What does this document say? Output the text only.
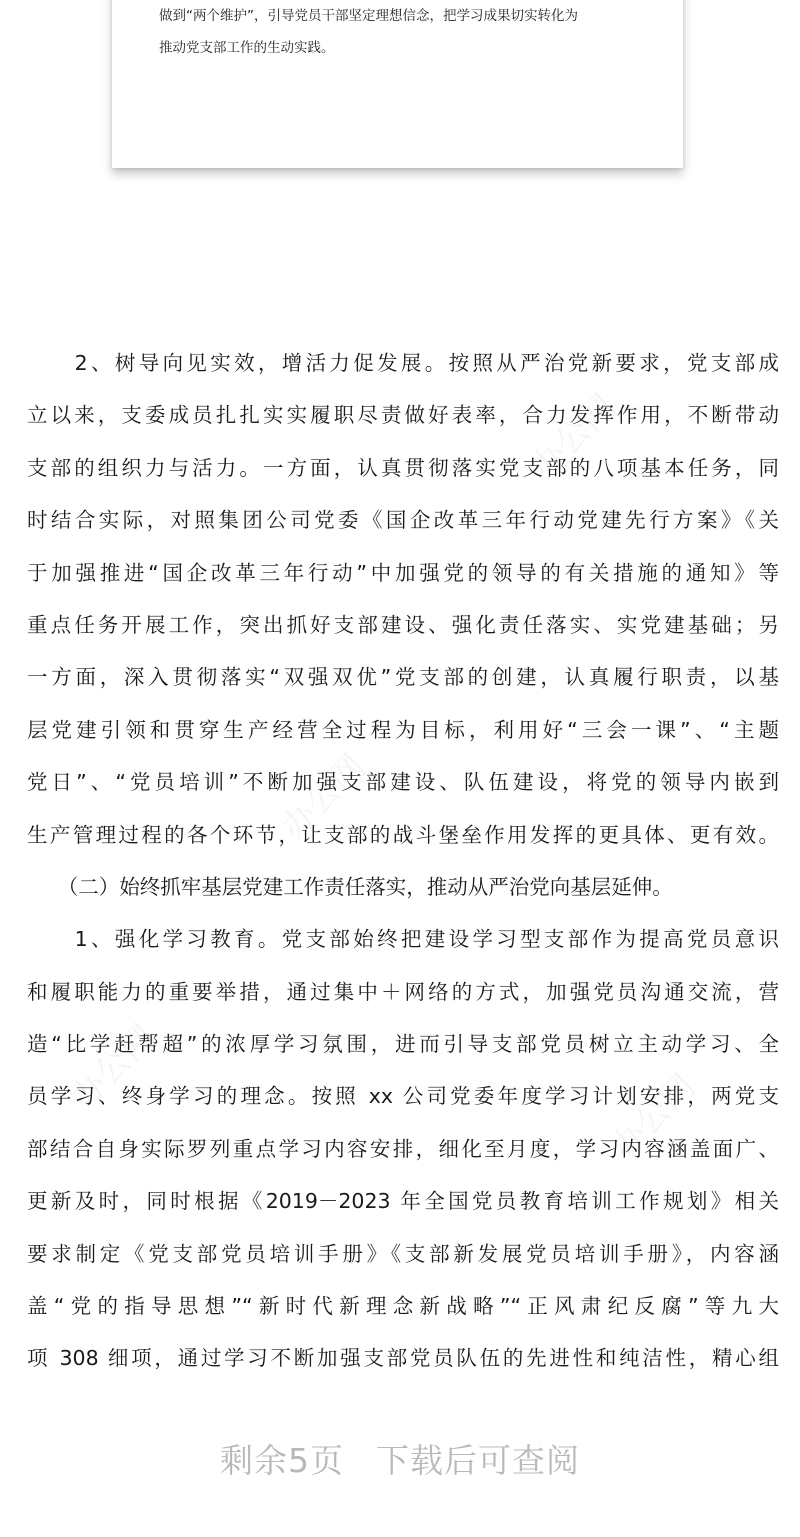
做到“两个维护”，引导党员干部坚定理想信念，把学习成果切实转化为
推动党支部工作的生动实践。
　　2、树导向见实效，增活力促发展。按照从严治党新要求，党支部成
立以来，支委成员扎扎实实履职尽责做好表率，合力发挥作用，不断带动
支部的组织力与活力。一方面，认真贯彻落实党支部的八项基本任务，同
时结合实际，对照集团公司党委《国企改革三年行动党建先行方案》《关
于加强推进“国企改革三年行动”中加强党的领导的有关措施的通知》等
重点任务开展工作，突出抓好支部建设、强化责任落实、实党建基础；另
一方面，深入贯彻落实“双强双优”党支部的创建，认真履行职责，以基
层党建引领和贯穿生产经营全过程为目标，利用好“三会一课”、“主题
党日”、“党员培训”不断加强支部建设、队伍建设，将党的领导内嵌到
生产管理过程的各个环节，让支部的战斗堡垒作用发挥的更具体、更有效。
　　（二）始终抓牢基层党建工作责任落实，推动从严治党向基层延伸。
　　1、强化学习教育。党支部始终把建设学习型支部作为提高党员意识
和履职能力的重要举措，通过集中＋网络的方式，加强党员沟通交流，营
造“比学赶帮超”的浓厚学习氛围，进而引导支部党员树立主动学习、全
员学习、终身学习的理念。按照 xx 公司党委年度学习计划安排，两党支
部结合自身实际罗列重点学习内容安排，细化至月度，学习内容涵盖面广、
更新及时，同时根据《2019－2023 年全国党员教育培训工作规划》相关
要求制定《党支部党员培训手册》《支部新发展党员培训手册》，内容涵
盖“党的指导思想”“新时代新理念新战略”“正风肃纪反腐”等九大
项 308 细项，通过学习不断加强支部党员队伍的先进性和纯洁性，精心组
剩余5页 下载后可查阅
